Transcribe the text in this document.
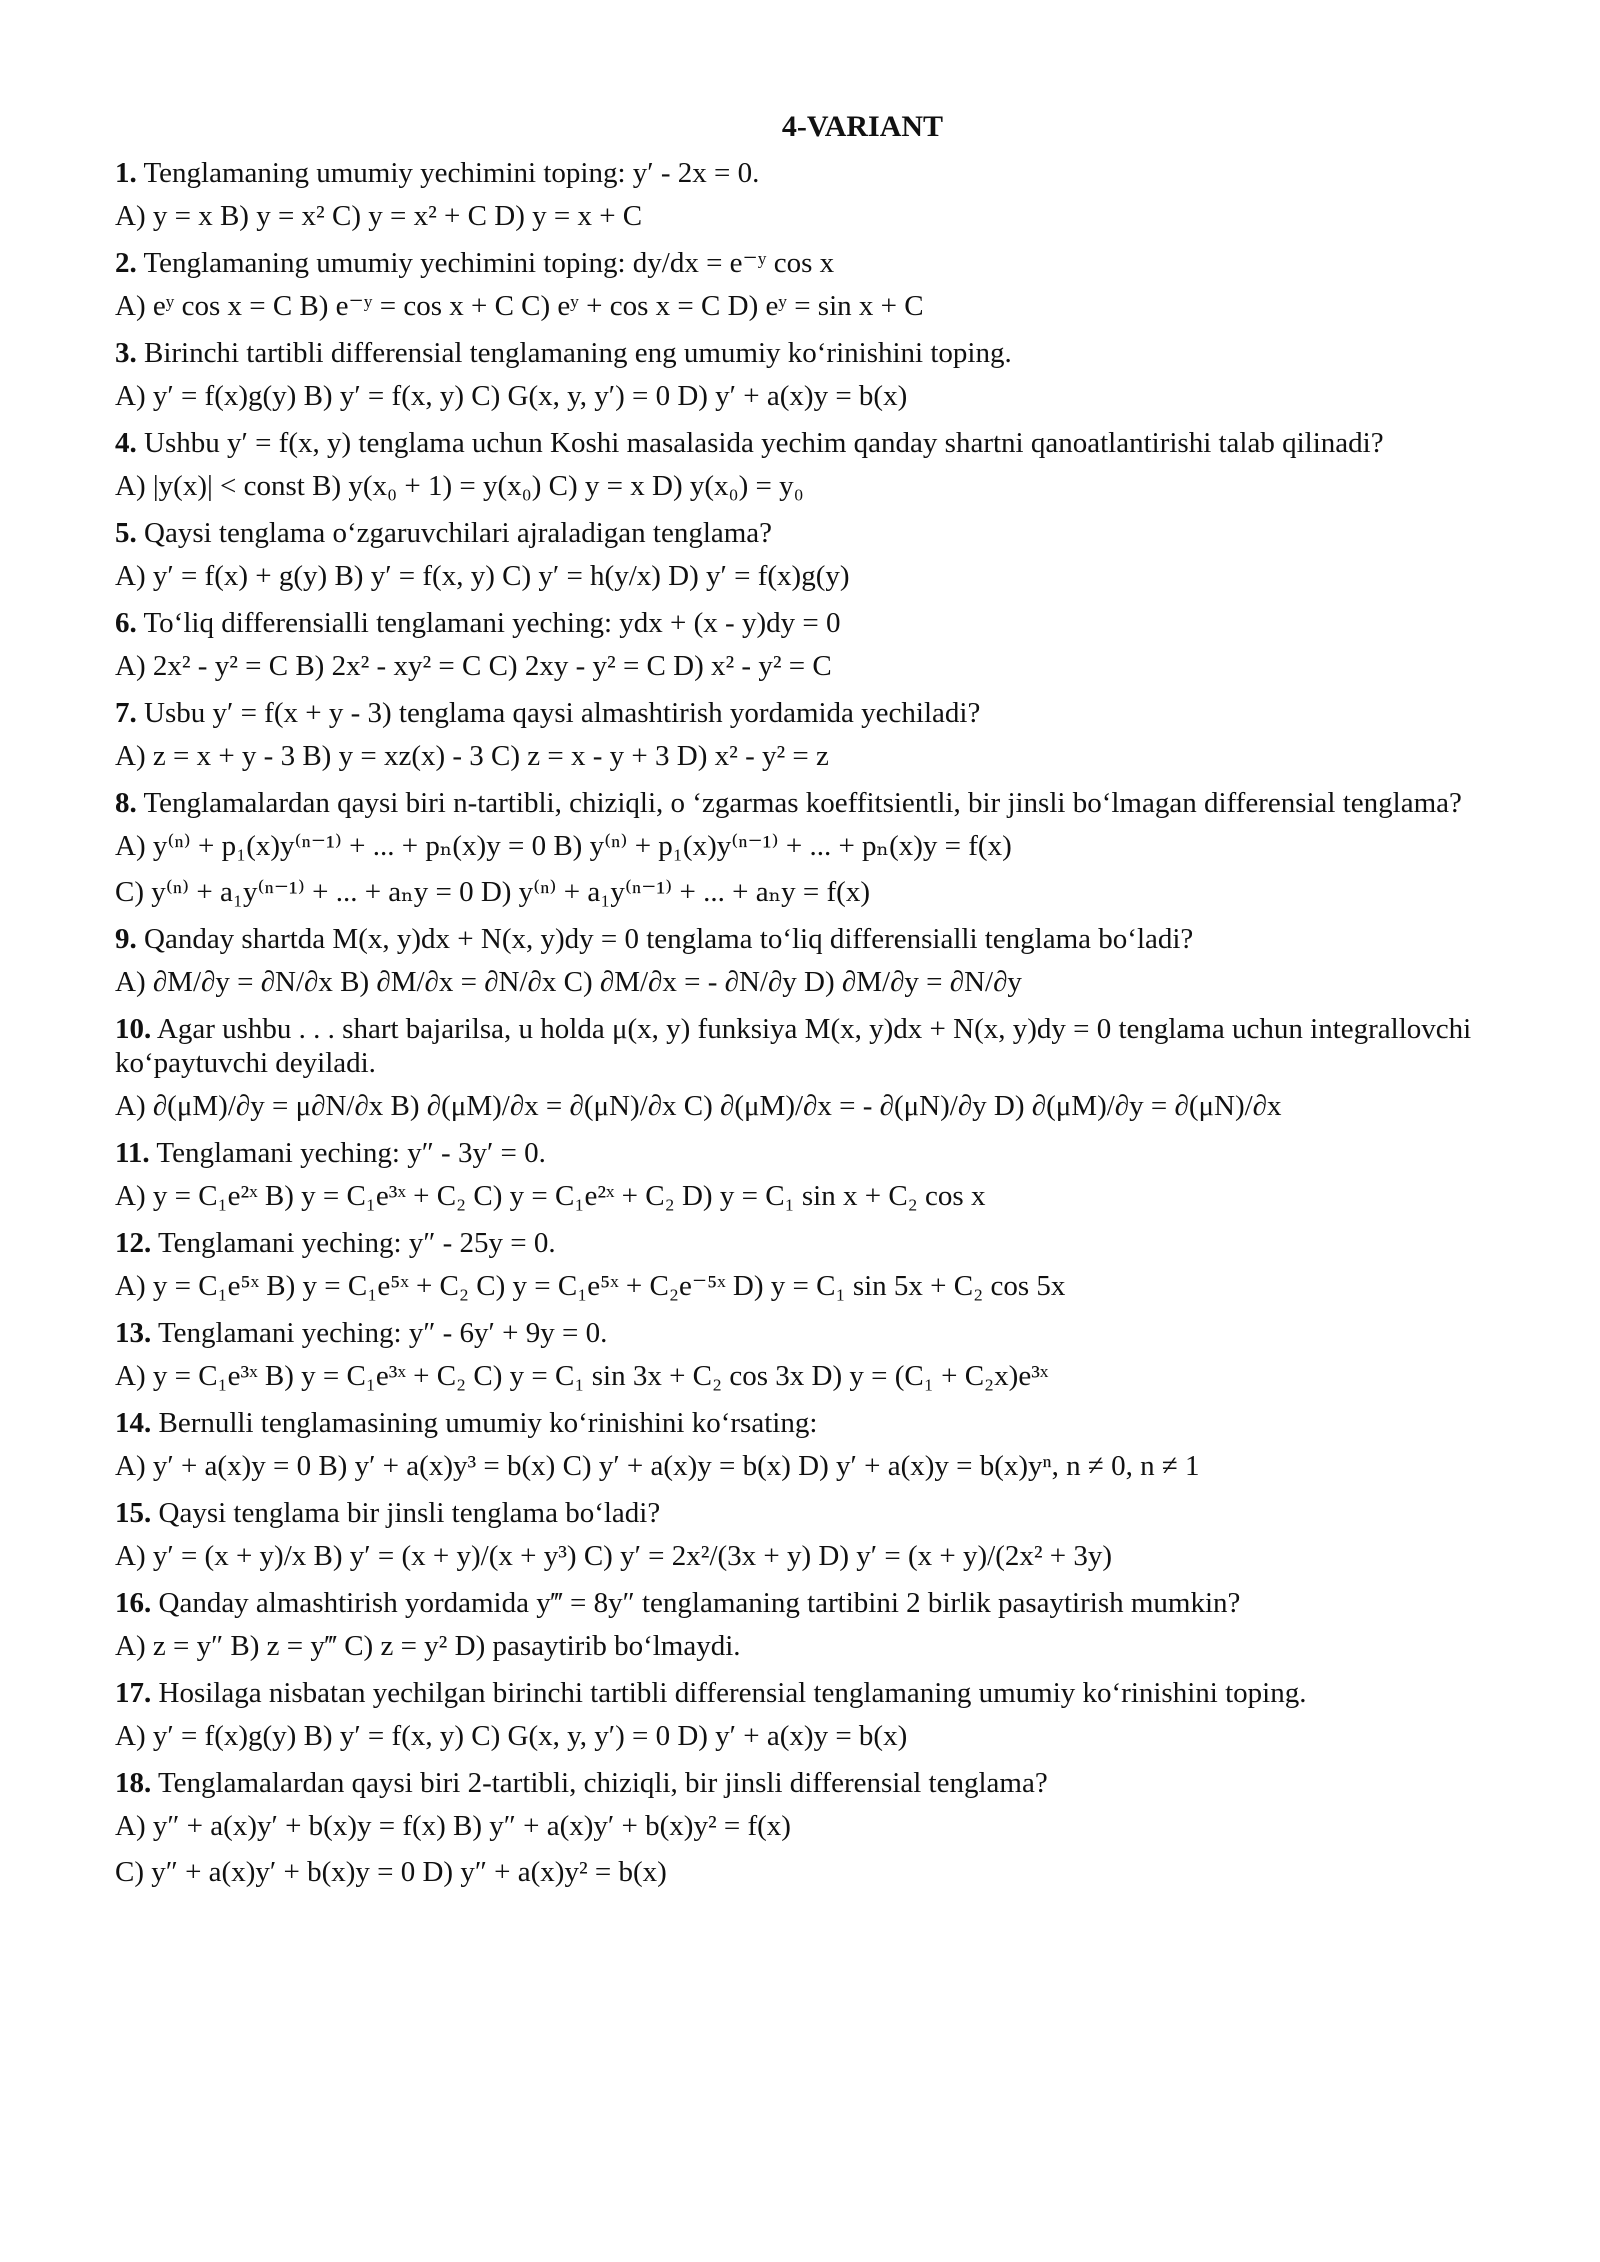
4-VARIANT
1. Tenglamaning umumiy yechimini toping: y′ - 2x = 0.
A) y = x B) y = x² C) y = x² + C D) y = x + C
2. Tenglamaning umumiy yechimini toping: dy/dx = e⁻ʸ cos x
A) eʸ cos x = C B) e⁻ʸ = cos x + C C) eʸ + cos x = C D) eʸ = sin x + C
3. Birinchi tartibli differensial tenglamaning eng umumiy ko‘rinishini toping.
A) y′ = f(x)g(y) B) y′ = f(x, y) C) G(x, y, y′) = 0 D) y′ + a(x)y = b(x)
4. Ushbu y′ = f(x, y) tenglama uchun Koshi masalasida yechim qanday shartni qanoatlantirishi talab qilinadi?
A) |y(x)| < const B) y(x₀ + 1) = y(x₀) C) y = x D) y(x₀) = y₀
5. Qaysi tenglama o‘zgaruvchilari ajraladigan tenglama?
A) y′ = f(x) + g(y) B) y′ = f(x, y) C) y′ = h(y/x) D) y′ = f(x)g(y)
6. To‘liq differensialli tenglamani yeching: ydx + (x - y)dy = 0
A) 2x² - y² = C B) 2x² - xy² = C C) 2xy - y² = C D) x² - y² = C
7. Usbu y′ = f(x + y - 3) tenglama qaysi almashtirish yordamida yechiladi?
A) z = x + y - 3 B) y = xz(x) - 3 C) z = x - y + 3 D) x² - y² = z
8. Tenglamalardan qaysi biri n-tartibli, chiziqli, o ‘zgarmas koeffitsientli, bir jinsli bo‘lmagan differensial tenglama?
A) y⁽ⁿ⁾ + p₁(x)y⁽ⁿ⁻¹⁾ + ... + pₙ(x)y = 0 B) y⁽ⁿ⁾ + p₁(x)y⁽ⁿ⁻¹⁾ + ... + pₙ(x)y = f(x)
C) y⁽ⁿ⁾ + a₁y⁽ⁿ⁻¹⁾ + ... + aₙy = 0 D) y⁽ⁿ⁾ + a₁y⁽ⁿ⁻¹⁾ + ... + aₙy = f(x)
9. Qanday shartda M(x, y)dx + N(x, y)dy = 0 tenglama to‘liq differensialli tenglama bo‘ladi?
A) ∂M/∂y = ∂N/∂x B) ∂M/∂x = ∂N/∂x C) ∂M/∂x = - ∂N/∂y D) ∂M/∂y = ∂N/∂y
10. Agar ushbu . . . shart bajarilsa, u holda μ(x, y) funksiya M(x, y)dx + N(x, y)dy = 0 tenglama uchun integrallovchi ko‘paytuvchi deyiladi.
A) ∂(μM)/∂y = μ∂N/∂x B) ∂(μM)/∂x = ∂(μN)/∂x C) ∂(μM)/∂x = - ∂(μN)/∂y D) ∂(μM)/∂y = ∂(μN)/∂x
11. Tenglamani yeching: y″ - 3y′ = 0.
A) y = C₁e²ˣ B) y = C₁e³ˣ + C₂ C) y = C₁e²ˣ + C₂ D) y = C₁ sin x + C₂ cos x
12. Tenglamani yeching: y″ - 25y = 0.
A) y = C₁e⁵ˣ B) y = C₁e⁵ˣ + C₂ C) y = C₁e⁵ˣ + C₂e⁻⁵ˣ D) y = C₁ sin 5x + C₂ cos 5x
13. Tenglamani yeching: y″ - 6y′ + 9y = 0.
A) y = C₁e³ˣ B) y = C₁e³ˣ + C₂ C) y = C₁ sin 3x + C₂ cos 3x D) y = (C₁ + C₂x)e³ˣ
14. Bernulli tenglamasining umumiy ko‘rinishini ko‘rsating:
A) y′ + a(x)y = 0 B) y′ + a(x)y³ = b(x) C) y′ + a(x)y = b(x) D) y′ + a(x)y = b(x)yⁿ, n ≠ 0, n ≠ 1
15. Qaysi tenglama bir jinsli tenglama bo‘ladi?
A) y′ = (x + y)/x B) y′ = (x + y)/(x + y³) C) y′ = 2x²/(3x + y) D) y′ = (x + y)/(2x² + 3y)
16. Qanday almashtirish yordamida y‴ = 8y″ tenglamaning tartibini 2 birlik pasaytirish mumkin?
A) z = y″ B) z = y‴ C) z = y² D) pasaytirib bo‘lmaydi.
17. Hosilaga nisbatan yechilgan birinchi tartibli differensial tenglamaning umumiy ko‘rinishini toping.
A) y′ = f(x)g(y) B) y′ = f(x, y) C) G(x, y, y′) = 0 D) y′ + a(x)y = b(x)
18. Tenglamalardan qaysi biri 2-tartibli, chiziqli, bir jinsli differensial tenglama?
A) y″ + a(x)y′ + b(x)y = f(x) B) y″ + a(x)y′ + b(x)y² = f(x)
C) y″ + a(x)y′ + b(x)y = 0 D) y″ + a(x)y² = b(x)
